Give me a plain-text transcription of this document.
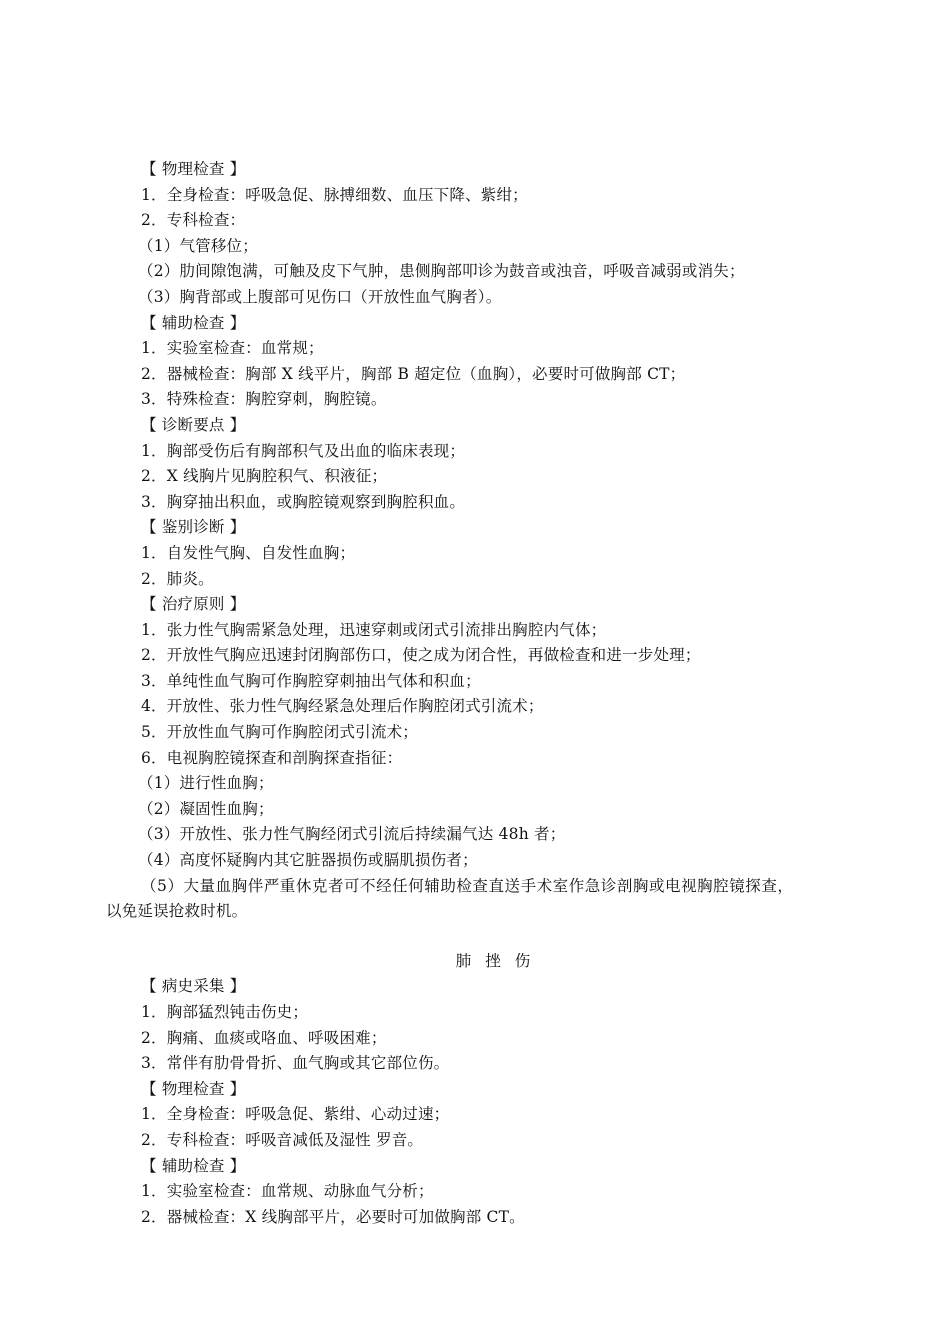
【 物理检查 】
1．全身检查：呼吸急促、脉搏细数、血压下降、紫绀；
2．专科检查：
（1）气管移位；
（2）肋间隙饱满，可触及皮下气肿，患侧胸部叩诊为鼓音或浊音，呼吸音减弱或消失；
（3）胸背部或上腹部可见伤口（开放性血气胸者）。
【 辅助检查 】
1．实验室检查：血常规；
2．器械检查：胸部 X 线平片，胸部 B 超定位（血胸），必要时可做胸部 CT；
3．特殊检查：胸腔穿刺，胸腔镜。
【 诊断要点 】
1．胸部受伤后有胸部积气及出血的临床表现；
2．X 线胸片见胸腔积气、积液征；
3．胸穿抽出积血，或胸腔镜观察到胸腔积血。
【 鉴别诊断 】
1．自发性气胸、自发性血胸；
2．肺炎。
【 治疗原则 】
1．张力性气胸需紧急处理，迅速穿刺或闭式引流排出胸腔内气体；
2．开放性气胸应迅速封闭胸部伤口，使之成为闭合性，再做检查和进一步处理；
3．单纯性血气胸可作胸腔穿刺抽出气体和积血；
4．开放性、张力性气胸经紧急处理后作胸腔闭式引流术；
5．开放性血气胸可作胸腔闭式引流术；
6．电视胸腔镜探查和剖胸探查指征：
（1）进行性血胸；
（2）凝固性血胸；
（3）开放性、张力性气胸经闭式引流后持续漏气达 48h 者；
（4）高度怀疑胸内其它脏器损伤或膈肌损伤者；
（5）大量血胸伴严重休克者可不经任何辅助检查直送手术室作急诊剖胸或电视胸腔镜探查，
以免延误抢救时机。
肺挫伤
【 病史采集 】
1．胸部猛烈钝击伤史；
2．胸痛、血痰或咯血、呼吸困难；
3．常伴有肋骨骨折、血气胸或其它部位伤。
【 物理检查 】
1．全身检查：呼吸急促、紫绀、心动过速；
2．专科检查：呼吸音减低及湿性 罗音。
【 辅助检查 】
1．实验室检查：血常规、动脉血气分析；
2．器械检查：X 线胸部平片，必要时可加做胸部 CT。
